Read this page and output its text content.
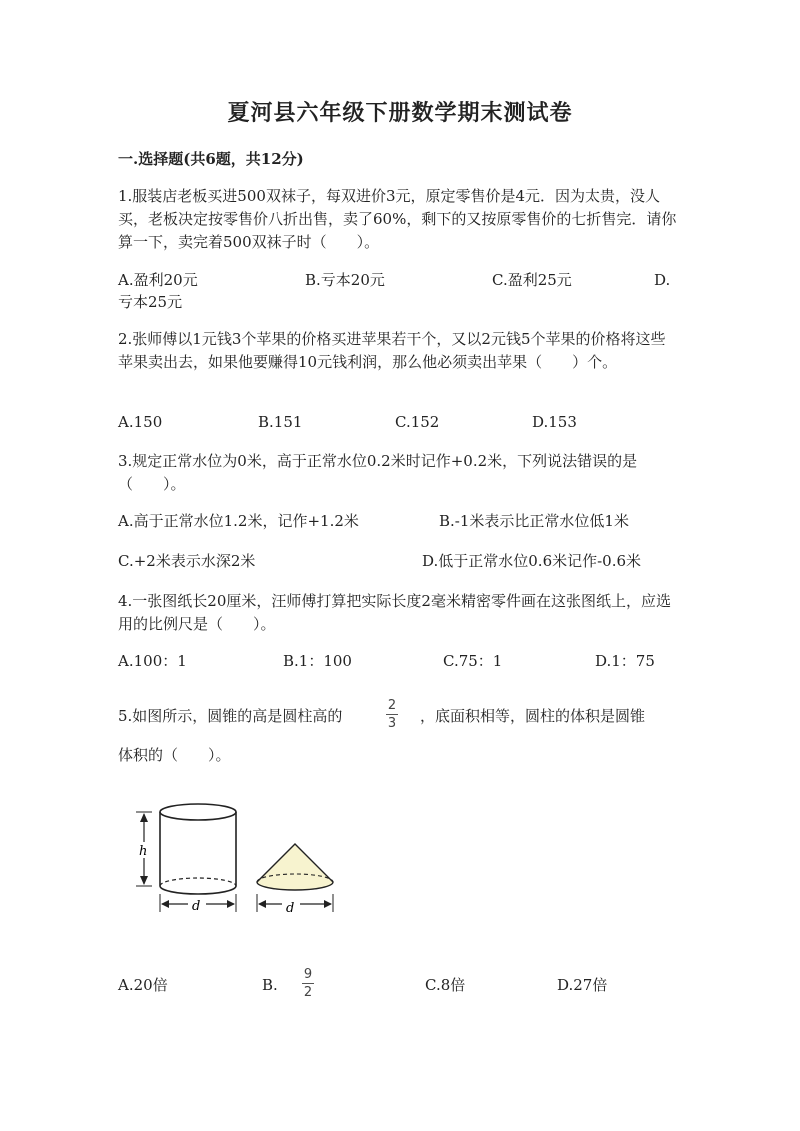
夏河县六年级下册数学期末测试卷
一.选择题(共6题，共12分)
1.服装店老板买进500双袜子，每双进价3元，原定零售价是4元．因为太贵，没人买，老板决定按零售价八折出售，卖了60%，剩下的又按原零售价的七折售完．请你算一下，卖完着500双袜子时（　　）。
A.盈利20元	B.亏本20元	C.盈利25元	D.
亏本25元
2.张师傅以1元钱3个苹果的价格买进苹果若干个，又以2元钱5个苹果的价格将这些苹果卖出去，如果他要赚得10元钱利润，那么他必须卖出苹果（　　）个。
A.150	B.151	C.152	D.153
3.规定正常水位为0米，高于正常水位0.2米时记作+0.2米，下列说法错误的是（　　）。
A.高于正常水位1.2米，记作+1.2米	B.-1米表示比正常水位低1米
C.+2米表示水深2米	D.低于正常水位0.6米记作-0.6米
4.一张图纸长20厘米，汪师傅打算把实际长度2毫米精密零件画在这张图纸上，应选用的比例尺是（　　）。
A.100：1	B.1：100	C.75：1	D.1：75
5.如图所示，圆锥的高是圆柱高的
2
3 ，底面积相等，圆柱的体积是圆锥
体积的（　　）。
h
d	d
A.20倍	B.
9
2	C.8倍	D.27倍
